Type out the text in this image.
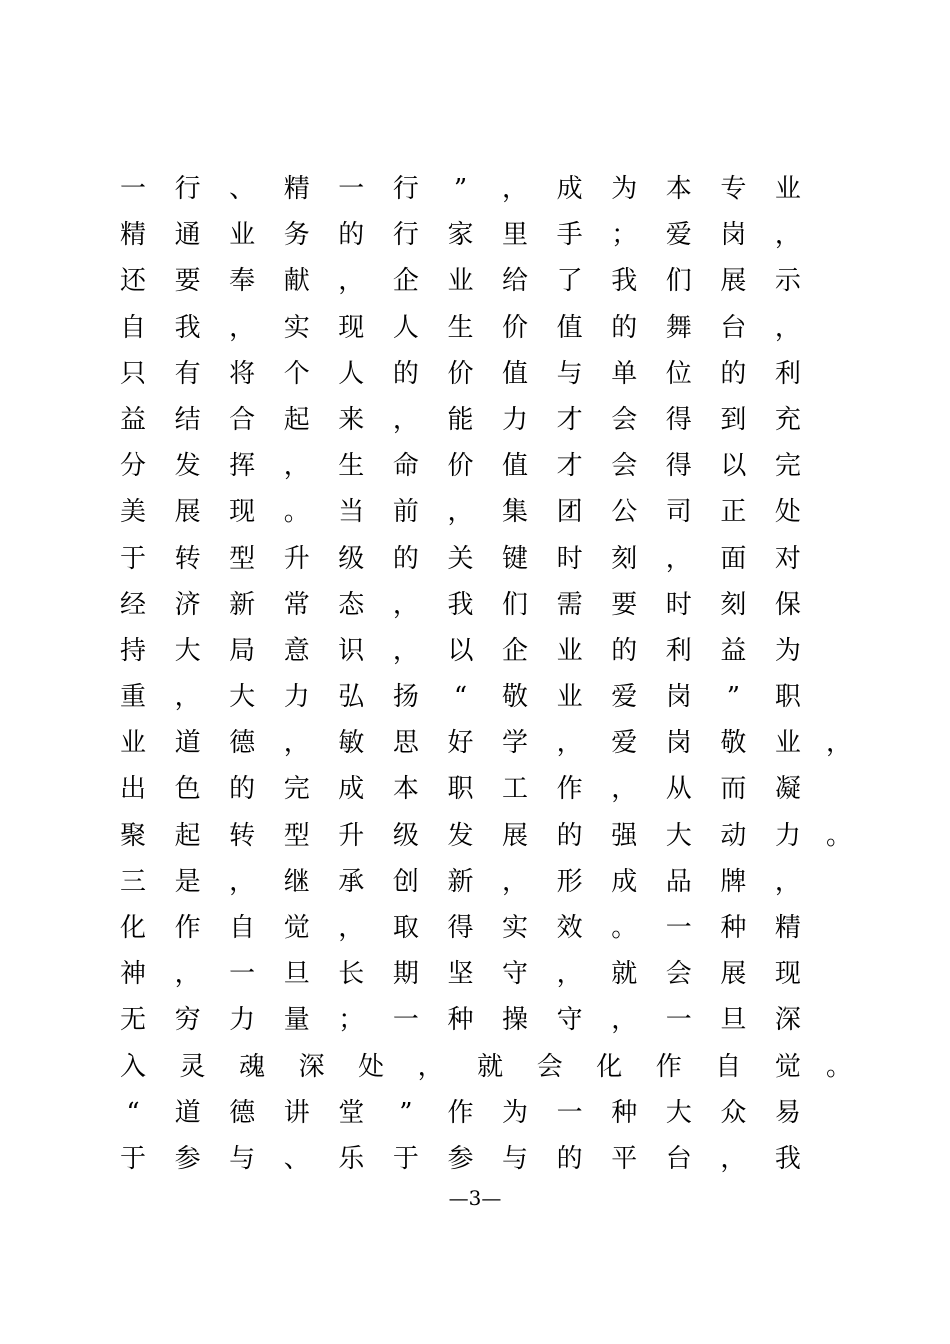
一 行 、 精 一 行	”	， 成 为 本 专 业
精 通 业 务 的 行 家 里 手 ； 爱 岗 ，
还 要 奉 献 ， 企 业 给 了 我 们 展 示
自 我 ， 实 现 人 生 价 值 的 舞 台 ，
只 有 将 个 人 的 价 值 与 单 位 的 利
益 结 合 起 来 ， 能 力 才 会 得 到 充
分 发 挥 ， 生 命 价 值 才 会 得 以 完
美 展 现 。 当 前 ， 集 团 公 司 正 处
于 转 型 升 级 的 关 键 时 刻 ， 面 对
经 济 新 常 态 ， 我 们 需 要 时 刻 保
持 大 局 意 识 ， 以 企 业 的 利 益 为
重 ， 大 力 弘 扬	“	敬 业 爱 岗	”	职
业 道 德 ， 敏 思 好 学 ， 爱 岗 敬 业 ，
出 色 的 完 成 本 职 工 作 ， 从 而 凝
聚 起 转 型 升 级 发 展 的 强 大 动 力 。
三 是 ， 继 承 创 新 ， 形 成 品 牌 ，
化 作 自 觉 ， 取 得 实 效 。 一 种 精
神 ， 一 旦 长 期 坚 守 ， 就 会 展 现
无 穷 力 量 ； 一 种 操 守 ， 一 旦 深
入 灵 魂 深 处 ， 就 会 化 作 自 觉 。
“	道 德 讲 堂	”	作 为 一 种 大 众 易
于 参 与 、 乐 于 参 与 的 平 台 ， 我
—3—
